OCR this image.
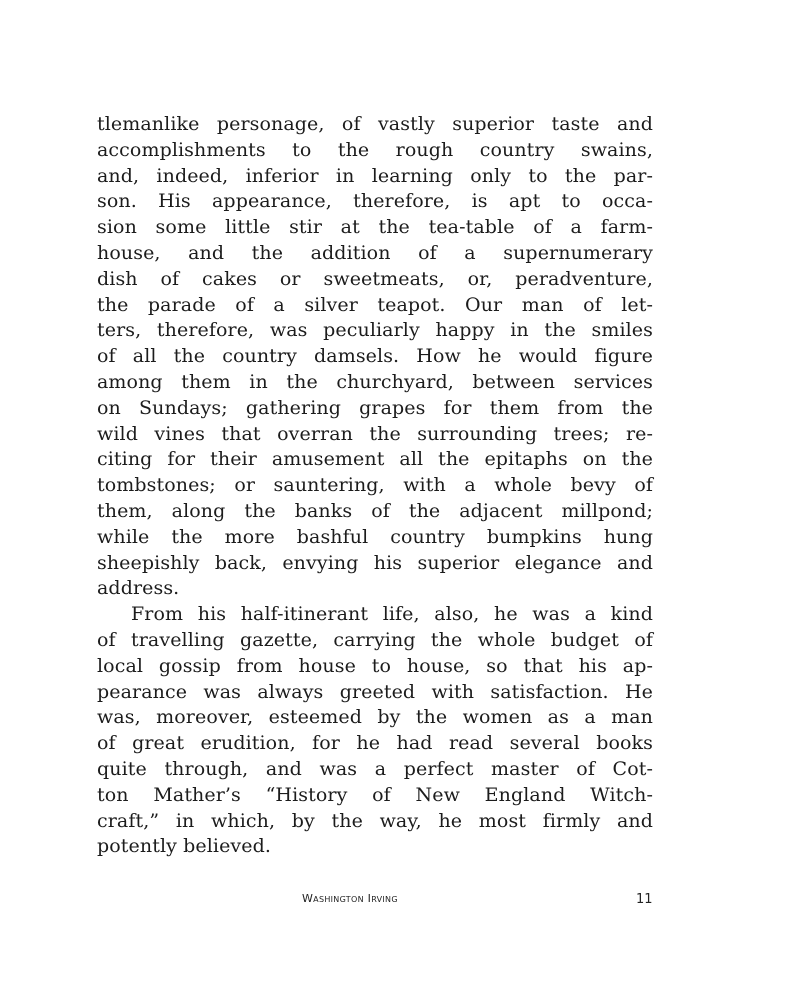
tlemanlike personage, of vastly superior taste and
accomplishments to the rough country swains,
and, indeed, inferior in learning only to the par-
son. His appearance, therefore, is apt to occa-
sion some little stir at the tea-table of a farm-
house, and the addition of a supernumerary
dish of cakes or sweetmeats, or, peradventure,
the parade of a silver teapot. Our man of let-
ters, therefore, was peculiarly happy in the smiles
of all the country damsels. How he would figure
among them in the churchyard, between services
on Sundays; gathering grapes for them from the
wild vines that overran the surrounding trees; re-
citing for their amusement all the epitaphs on the
tombstones; or sauntering, with a whole bevy of
them, along the banks of the adjacent millpond;
while the more bashful country bumpkins hung
sheepishly back, envying his superior elegance and
address.
From his half-itinerant life, also, he was a kind
of travelling gazette, carrying the whole budget of
local gossip from house to house, so that his ap-
pearance was always greeted with satisfaction. He
was, moreover, esteemed by the women as a man
of great erudition, for he had read several books
quite through, and was a perfect master of Cot-
ton Mather’s “History of New England Witch-
craft,” in which, by the way, he most firmly and
potently believed.
Washington Irving	11
